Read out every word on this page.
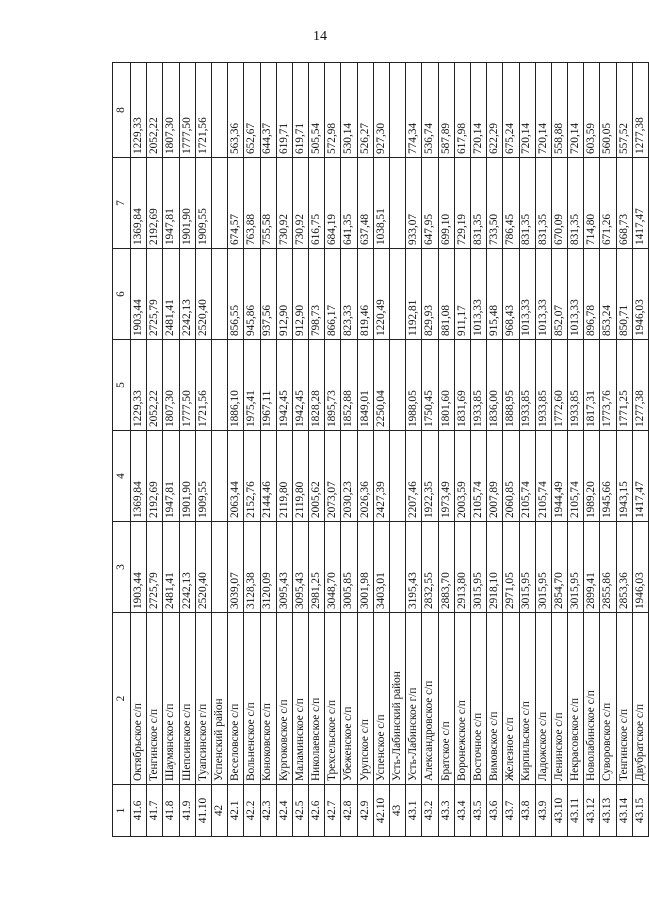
14
1	2	3	4	5	6	7	8
41.6	Октябрьское с/п	1903,44	1369,84	1229,33	1903,44	1369,84	1229,33
41.7	Тенгинское с/п	2725,79	2192,69	2052,22	2725,79	2192,69	2052,22
41.8	Шаумянское с/п	2481,41	1947,81	1807,30	2481,41	1947,81	1807,30
41.9	Шепсинское с/п	2242,13	1901,90	1777,50	2242,13	1901,90	1777,50
41.10	Туапсинское г/п	2520,40	1909,55	1721,56	2520,40	1909,55	1721,56
42	Успенский район						
42.1	Веселовское с/п	3039,07	2063,44	1886,10	856,55	674,57	563,36
42.2	Вольненское с/п	3128,38	2152,76	1975,41	945,86	763,88	652,67
42.3	Коноковское с/п	3120,09	2144,46	1967,11	937,56	755,58	644,37
42.4	Кургоковское с/п	3095,43	2119,80	1942,45	912,90	730,92	619,71
42.5	Маламинское с/п	3095,43	2119,80	1942,45	912,90	730,92	619,71
42.6	Николаевское с/п	2981,25	2005,62	1828,28	798,73	616,75	505,54
42.7	Трехсельское с/п	3048,70	2073,07	1895,73	866,17	684,19	572,98
42.8	Убеженское с/п	3005,85	2030,23	1852,88	823,33	641,35	530,14
42.9	Урупское с/п	3001,98	2026,36	1849,01	819,46	637,48	526,27
42.10	Успенское с/п	3403,01	2427,39	2250,04	1220,49	1038,51	927,30
43	Усть-Лабинский район						
43.1	Усть-Лабинское г/п	3195,43	2207,46	1988,05	1192,81	933,07	774,34
43.2	Александровское с/п	2832,55	1922,35	1750,45	829,93	647,95	536,74
43.3	Братское с/п	2883,70	1973,49	1801,60	881,08	699,10	587,89
43.4	Воронежское с/п	2913,80	2003,59	1831,69	911,17	729,19	617,98
43.5	Восточное с/п	3015,95	2105,74	1933,85	1013,33	831,35	720,14
43.6	Вимовское с/п	2918,10	2007,89	1836,00	915,48	733,50	622,29
43.7	Железное с/п	2971,05	2060,85	1888,95	968,43	786,45	675,24
43.8	Кирпильское с/п	3015,95	2105,74	1933,85	1013,33	831,35	720,14
43.9	Ладожское с/п	3015,95	2105,74	1933,85	1013,33	831,35	720,14
43.10	Ленинское с/п	2854,70	1944,49	1772,60	852,07	670,09	558,88
43.11	Некрасовское с/п	3015,95	2105,74	1933,85	1013,33	831,35	720,14
43.12	Новолабинское с/п	2899,41	1989,20	1817,31	896,78	714,80	603,59
43.13	Суворовское с/п	2855,86	1945,66	1773,76	853,24	671,26	560,05
43.14	Тенгинское с/п	2853,36	1943,15	1771,25	850,71	668,73	557,52
43.15	Двубратское с/п	1946,03	1417,47	1277,38	1946,03	1417,47	1277,38
